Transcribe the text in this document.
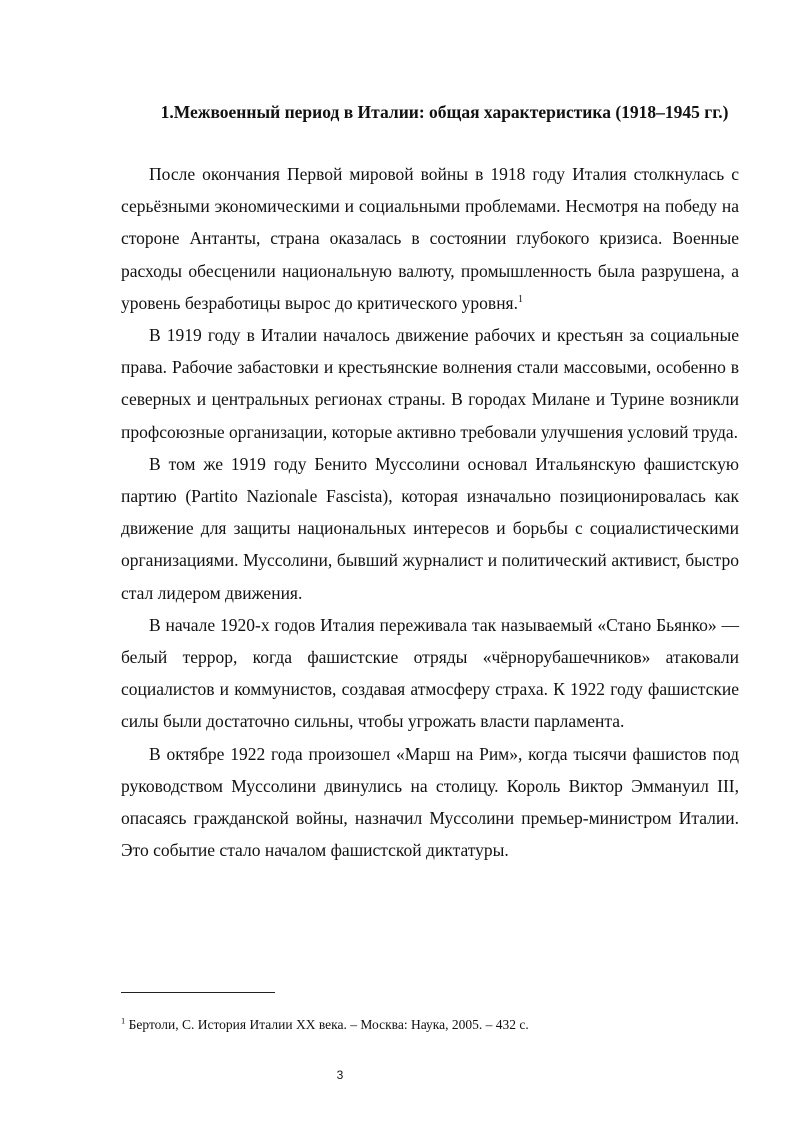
1.Межвоенный период в Италии: общая характеристика (1918–1945 гг.)

После окончания Первой мировой войны в 1918 году Италия столкнулась с серьёзными экономическими и социальными проблемами. Несмотря на победу на стороне Антанты, страна оказалась в состоянии глубокого кризиса. Военные расходы обесценили национальную валюту, промышленность была разрушена, а уровень безработицы вырос до критического уровня.$^1$

В 1919 году в Италии началось движение рабочих и крестьян за социальные права. Рабочие забастовки и крестьянские волнения стали массовыми, особенно в северных и центральных регионах страны. В городах Милане и Турине возникли профсоюзные организации, которые активно требовали улучшения условий труда.

В том же 1919 году Бенито Муссолини основал Итальянскую фашистскую партию (Partito Nazionale Fascista), которая изначально позиционировалась как движение для защиты национальных интересов и борьбы с социалистическими организациями. Муссолини, бывший журналист и политический активист, быстро стал лидером движения.

В начале 1920-х годов Италия переживала так называемый «Стано Бьянко» — белый террор, когда фашистские отряды «чёрнорубашечников» атаковали социалистов и коммунистов, создавая атмосферу страха. К 1922 году фашистские силы были достаточно сильны, чтобы угрожать власти парламента.

В октябре 1922 года произошел «Марш на Рим», когда тысячи фашистов под руководством Муссолини двинулись на столицу. Король Виктор Эммануил III, опасаясь гражданской войны, назначил Муссолини премьер-министром Италии. Это событие стало началом фашистской диктатуры.

$^1$ Бертоли, С. История Италии XX века. – Москва: Наука, 2005. – 432 с.

3
